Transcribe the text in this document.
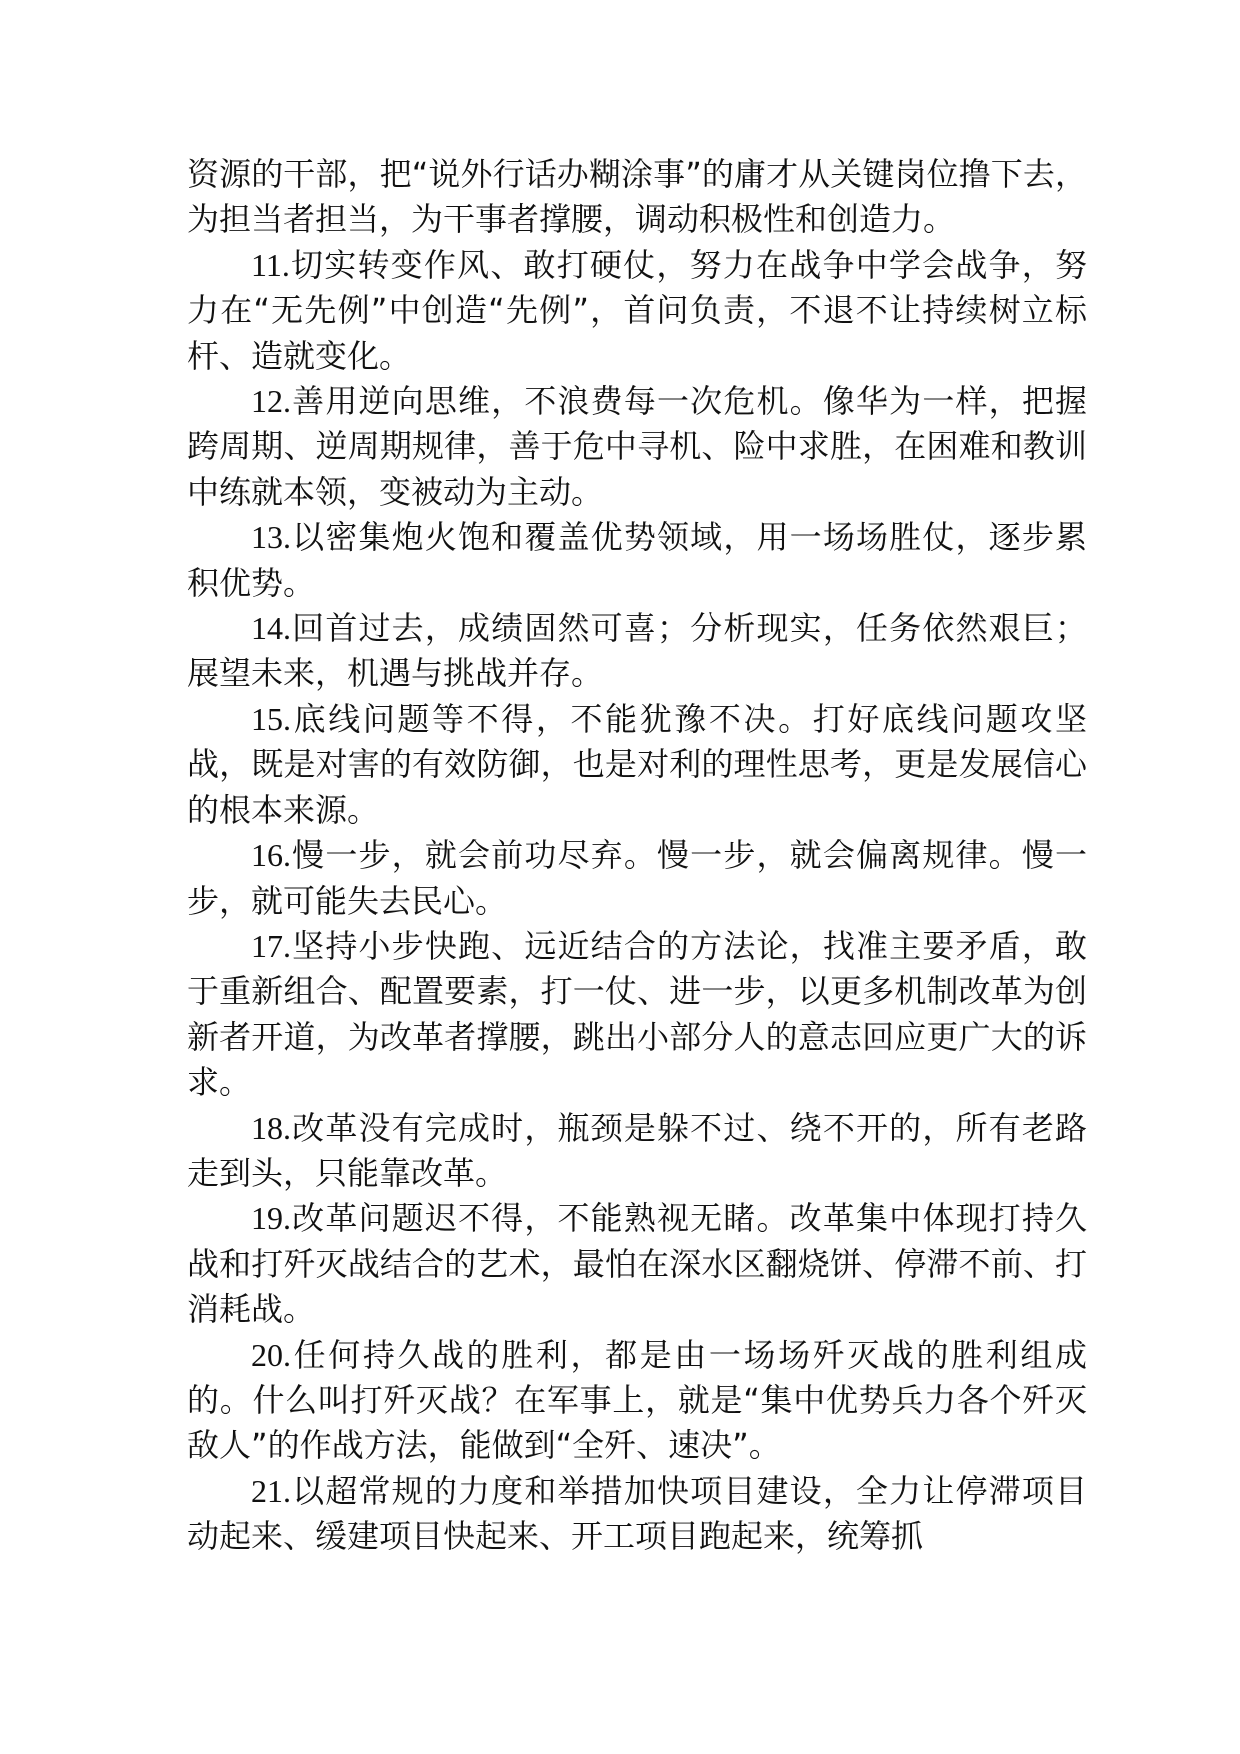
资源的干部，把“说外行话办糊涂事”的庸才从关键岗位撸下去，为担当者担当，为干事者撑腰，调动积极性和创造力。

11.切实转变作风、敢打硬仗，努力在战争中学会战争，努力在“无先例”中创造“先例”，首问负责，不退不让持续树立标杆、造就变化。

12.善用逆向思维，不浪费每一次危机。像华为一样，把握跨周期、逆周期规律，善于危中寻机、险中求胜，在困难和教训中练就本领，变被动为主动。

13.以密集炮火饱和覆盖优势领域，用一场场胜仗，逐步累积优势。

14.回首过去，成绩固然可喜；分析现实，任务依然艰巨；展望未来，机遇与挑战并存。

15.底线问题等不得，不能犹豫不决。打好底线问题攻坚战，既是对害的有效防御，也是对利的理性思考，更是发展信心的根本来源。

16.慢一步，就会前功尽弃。慢一步，就会偏离规律。慢一步，就可能失去民心。

17.坚持小步快跑、远近结合的方法论，找准主要矛盾，敢于重新组合、配置要素，打一仗、进一步，以更多机制改革为创新者开道，为改革者撑腰，跳出小部分人的意志回应更广大的诉求。

18.改革没有完成时，瓶颈是躲不过、绕不开的，所有老路走到头，只能靠改革。

19.改革问题迟不得，不能熟视无睹。改革集中体现打持久战和打歼灭战结合的艺术，最怕在深水区翻烧饼、停滞不前、打消耗战。

20.任何持久战的胜利，都是由一场场歼灭战的胜利组成的。什么叫打歼灭战？在军事上，就是“集中优势兵力各个歼灭敌人”的作战方法，能做到“全歼、速决”。

21.以超常规的力度和举措加快项目建设，全力让停滞项目动起来、缓建项目快起来、开工项目跑起来，统筹抓
